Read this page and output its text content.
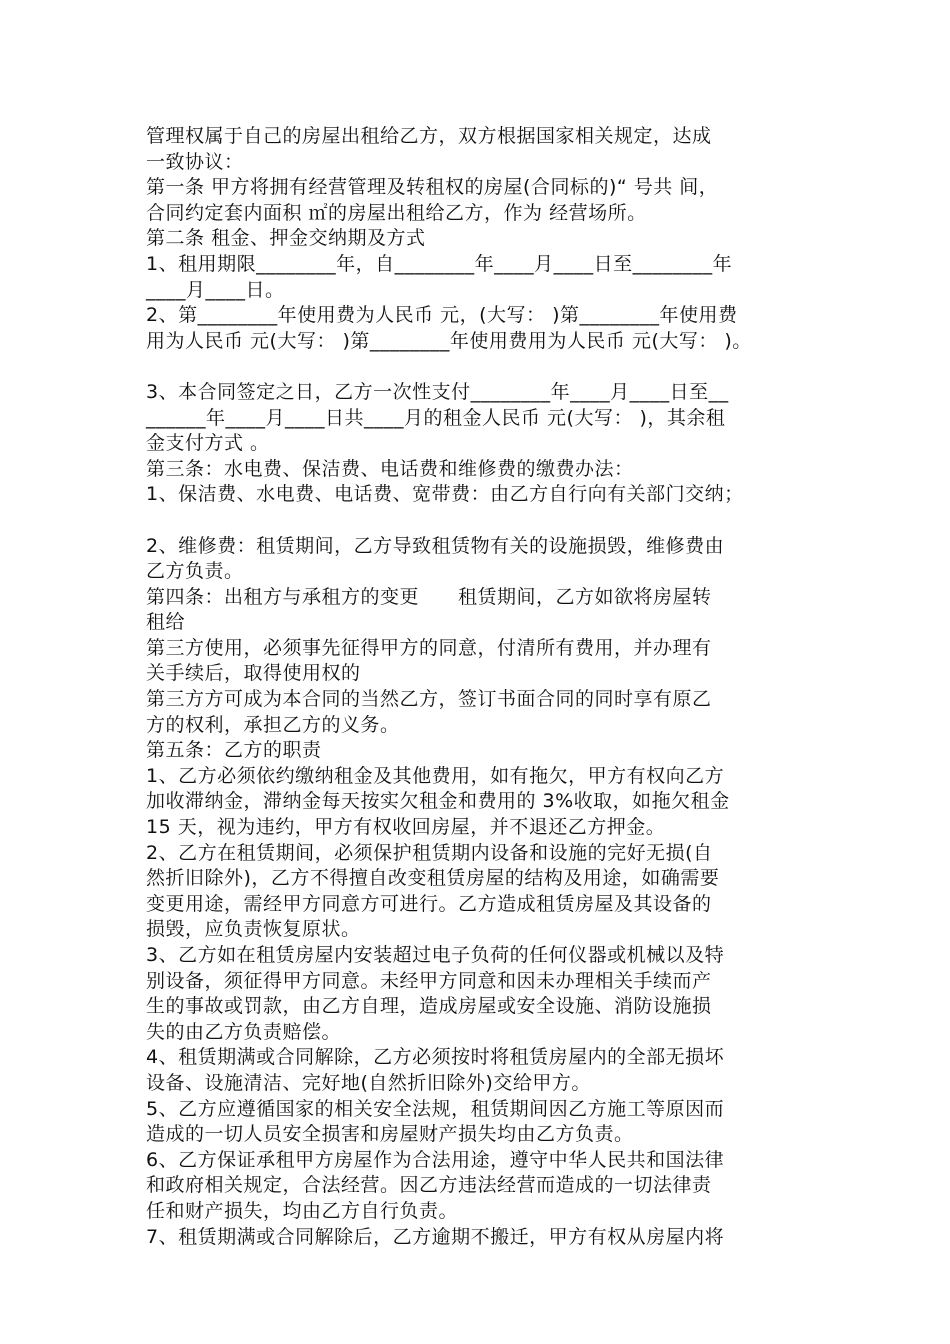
管理权属于自己的房屋出租给乙方，双方根据国家相关规定，达成
一致协议：
第一条 甲方将拥有经营管理及转租权的房屋(合同标的)“ 号共 间，
合同约定套内面积 ㎡的房屋出租给乙方，作为 经营场所。
第二条 租金、押金交纳期及方式
1、租用期限________年，自________年____月____日至________年
____月____日。
2、第________年使用费为人民币 元，(大写： )第________年使用费
用为人民币 元(大写： )第________年使用费用为人民币 元(大写： )。
3、本合同签定之日，乙方一次性支付________年____月____日至__
______年____月____日共____月的租金人民币 元(大写： )，其余租
金支付方式 。
第三条：水电费、保洁费、电话费和维修费的缴费办法：
1、保洁费、水电费、电话费、宽带费：由乙方自行向有关部门交纳；
2、维修费：租赁期间，乙方导致租赁物有关的设施损毁，维修费由
乙方负责。
第四条：出租方与承租方的变更　　租赁期间，乙方如欲将房屋转
租给
第三方使用，必须事先征得甲方的同意，付清所有费用，并办理有
关手续后，取得使用权的
第三方方可成为本合同的当然乙方，签订书面合同的同时享有原乙
方的权利，承担乙方的义务。
第五条：乙方的职责
1、乙方必须依约缴纳租金及其他费用，如有拖欠，甲方有权向乙方
加收滞纳金，滞纳金每天按实欠租金和费用的 3%收取，如拖欠租金
15 天，视为违约，甲方有权收回房屋，并不退还乙方押金。
2、乙方在租赁期间，必须保护租赁期内设备和设施的完好无损(自
然折旧除外)，乙方不得擅自改变租赁房屋的结构及用途，如确需要
变更用途，需经甲方同意方可进行。乙方造成租赁房屋及其设备的
损毁，应负责恢复原状。
3、乙方如在租赁房屋内安装超过电子负荷的任何仪器或机械以及特
别设备，须征得甲方同意。未经甲方同意和因未办理相关手续而产
生的事故或罚款，由乙方自理，造成房屋或安全设施、消防设施损
失的由乙方负责赔偿。
4、租赁期满或合同解除，乙方必须按时将租赁房屋内的全部无损坏
设备、设施清洁、完好地(自然折旧除外)交给甲方。
5、乙方应遵循国家的相关安全法规，租赁期间因乙方施工等原因而
造成的一切人员安全损害和房屋财产损失均由乙方负责。
6、乙方保证承租甲方房屋作为合法用途，遵守中华人民共和国法律
和政府相关规定，合法经营。因乙方违法经营而造成的一切法律责
任和财产损失，均由乙方自行负责。
7、租赁期满或合同解除后，乙方逾期不搬迁，甲方有权从房屋内将
